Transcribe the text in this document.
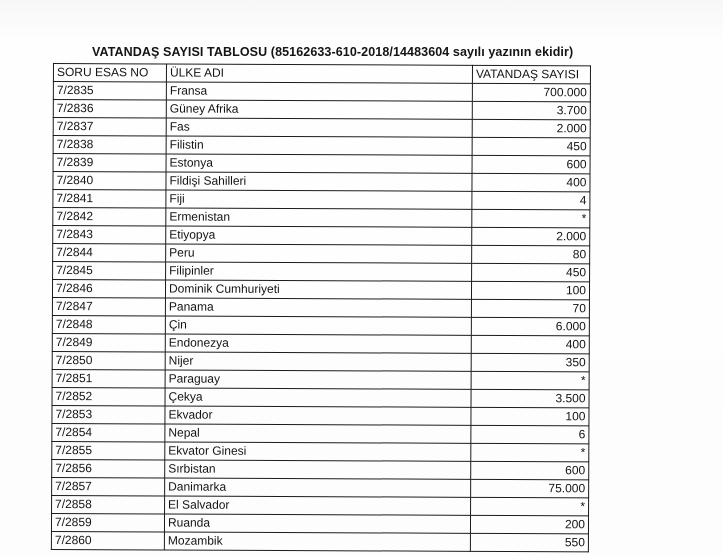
VATANDAŞ SAYISI TABLOSU (85162633-610-2018/14483604 sayılı yazının ekidir)
SORU ESAS NO	ÜLKE ADI	VATANDAŞ SAYISI
7/2835	Fransa	700.000
7/2836	Güney Afrika	3.700
7/2837	Fas	2.000
7/2838	Filistin	450
7/2839	Estonya	600
7/2840	Fildişi Sahilleri	400
7/2841	Fiji	4
7/2842	Ermenistan	*
7/2843	Etiyopya	2.000
7/2844	Peru	80
7/2845	Filipinler	450
7/2846	Dominik Cumhuriyeti	100
7/2847	Panama	70
7/2848	Çin	6.000
7/2849	Endonezya	400
7/2850	Nijer	350
7/2851	Paraguay	*
7/2852	Çekya	3.500
7/2853	Ekvador	100
7/2854	Nepal	6
7/2855	Ekvator Ginesi	*
7/2856	Sırbistan	600
7/2857	Danimarka	75.000
7/2858	El Salvador	*
7/2859	Ruanda	200
7/2860	Mozambik	550
